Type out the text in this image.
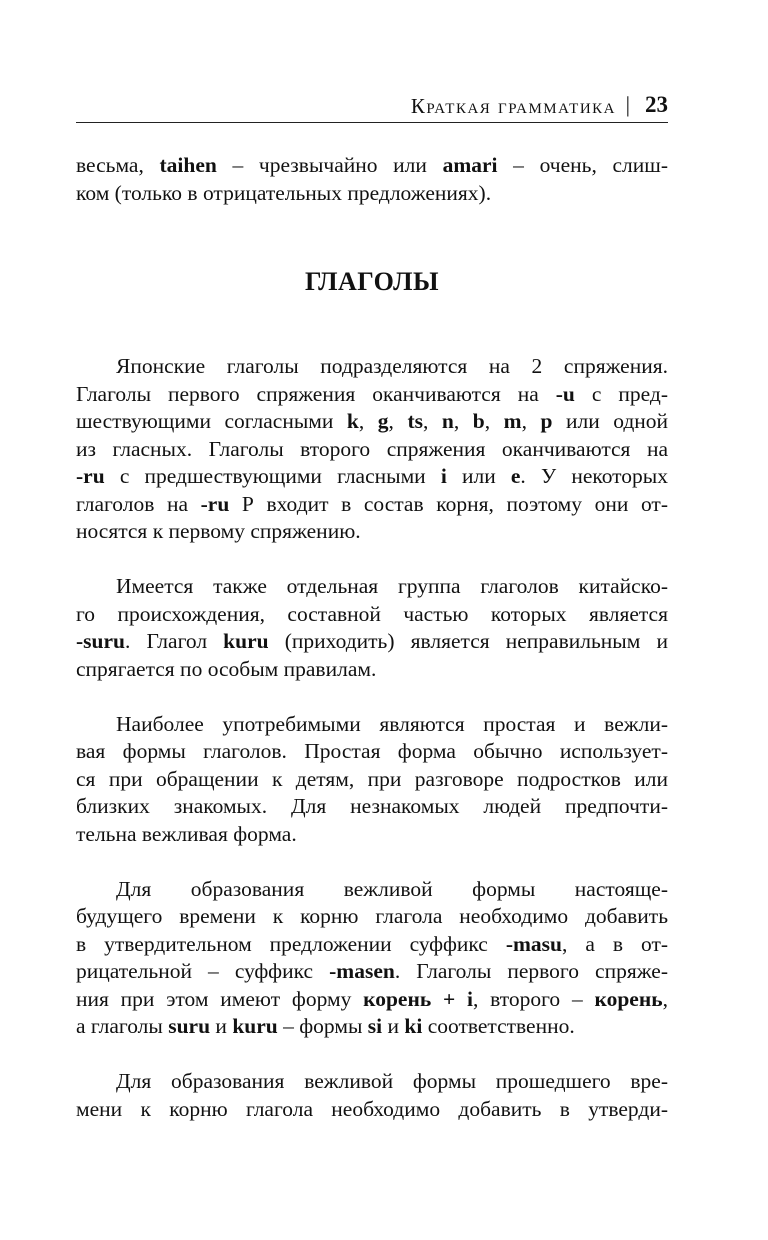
Краткая грамматика | 23

весьма, taihen – чрезвычайно или amari – очень, слиш-
ком (только в отрицательных предложениях).

ГЛАГОЛЫ

Японские глаголы подразделяются на 2 спряжения.
Глаголы первого спряжения оканчиваются на -u с пред-
шествующими согласными k, g, ts, n, b, m, p или одной
из гласных. Глаголы второго спряжения оканчиваются на
-ru с предшествующими гласными i или e. У некоторых
глаголов на -ru Р входит в состав корня, поэтому они от-
носятся к первому спряжению.

Имеется также отдельная группа глаголов китайско-
го происхождения, составной частью которых является
-suru. Глагол kuru (приходить) является неправильным и
спрягается по особым правилам.

Наиболее употребимыми являются простая и вежли-
вая формы глаголов. Простая форма обычно использует-
ся при обращении к детям, при разговоре подростков или
близких знакомых. Для незнакомых людей предпочти-
тельна вежливая форма.

Для образования вежливой формы настояще-
будущего времени к корню глагола необходимо добавить
в утвердительном предложении суффикс -masu, а в от-
рицательной – суффикс -masen. Глаголы первого спряже-
ния при этом имеют форму корень + i, второго – корень,
а глаголы suru и kuru – формы si и ki соответственно.

Для образования вежливой формы прошедшего вре-
мени к корню глагола необходимо добавить в утверди-
